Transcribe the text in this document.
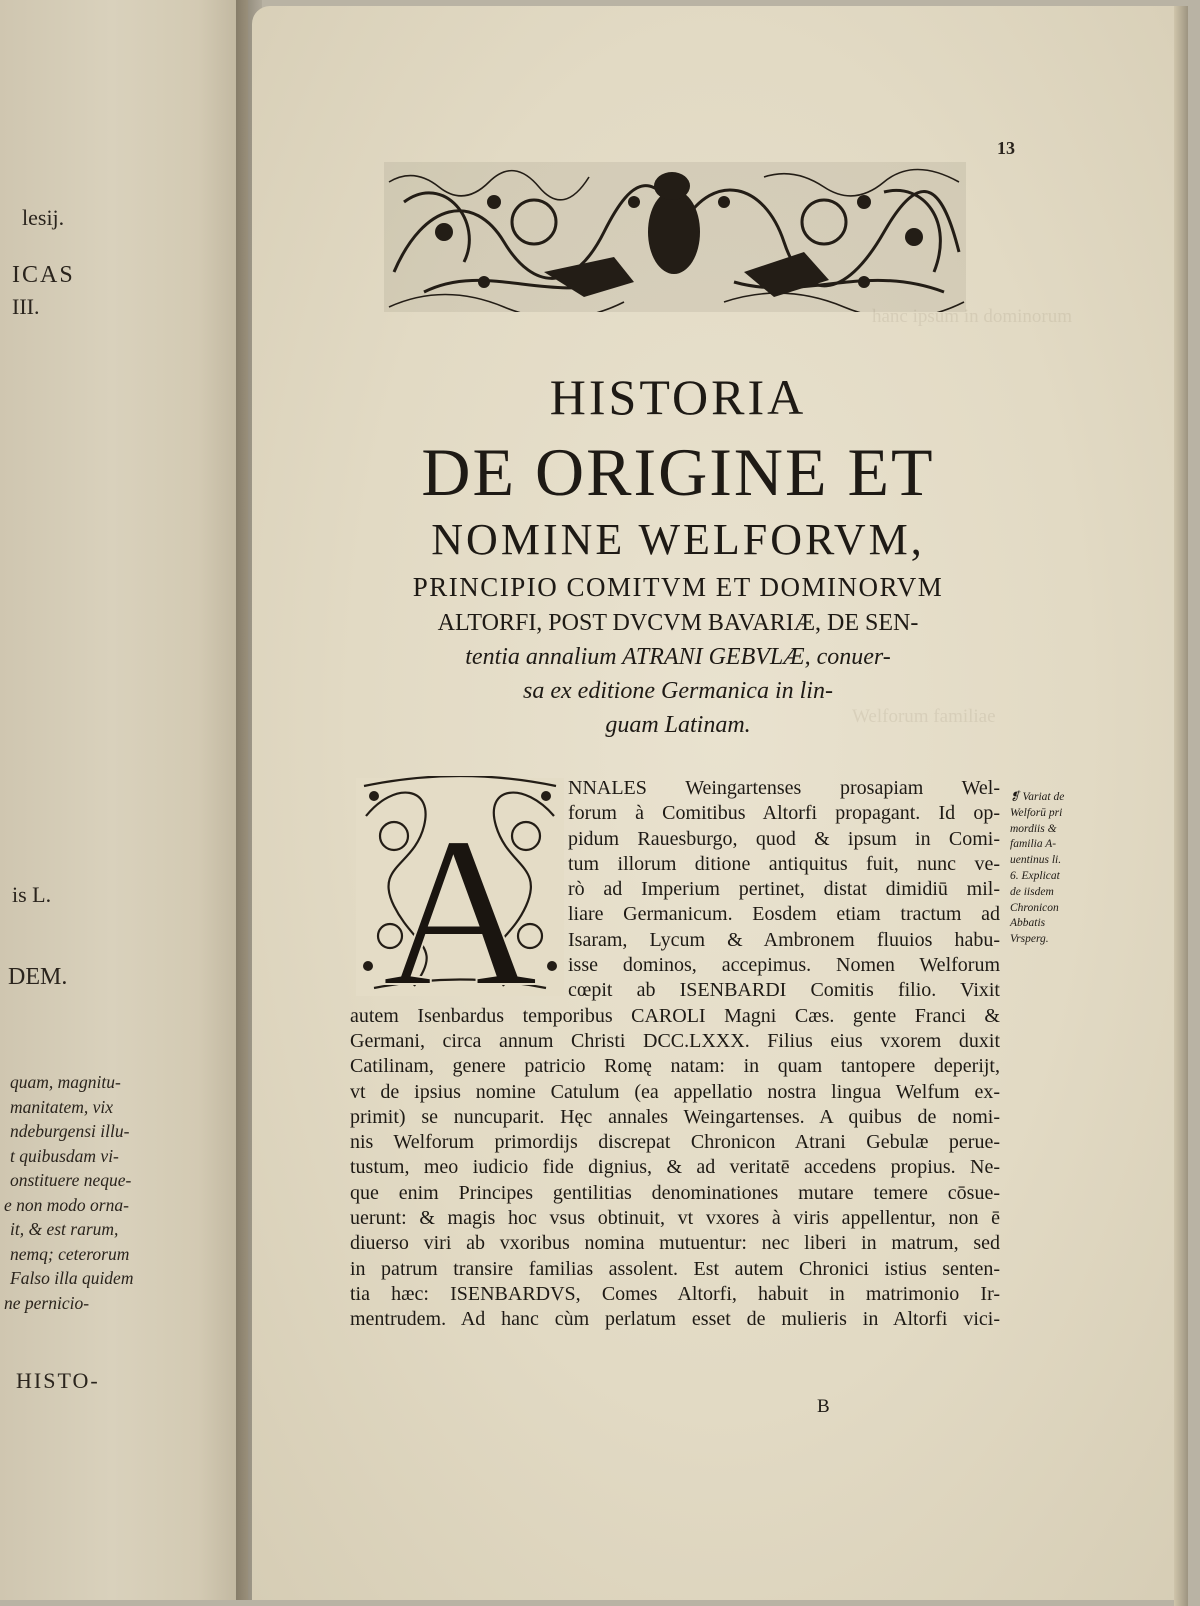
lesij.
ICAS
III.
is L.
DEM.
quam, magnitu-
manitatem, vix
ndeburgensi illu-
t quibusdam vi-
onstituere neque-
e non modo orna-
it, & est rarum,
nemq; ceterorum
Falso illa quidem
ne pernicio-
HISTO-
hanc ipsum in dominorum
Welforum familiae
13
HISTORIA
DE ORIGINE ET
NOMINE WELFORVM,
PRINCIPIO COMITVM ET DOMINORVM
ALTORFI, POST DVCVM BAVARIÆ, DE SEN-
tentia annalium ATRANI GEBVLÆ, conuer-
sa ex editione Germanica in lin-
guam Latinam.
A
NNALES Weingartenses prosapiam Wel-
forum à Comitibus Altorfi propagant. Id op-
pidum Rauesburgo, quod & ipsum in Comi-
tum illorum ditione antiquitus fuit, nunc ve-
rò ad Imperium pertinet, distat dimidiū mil-
liare Germanicum. Eosdem etiam tractum ad
Isaram, Lycum & Ambronem fluuios habu-
isse dominos, accepimus. Nomen Welforum
cœpit ab ISENBARDI Comitis filio. Vixit
autem Isenbardus temporibus CAROLI Magni Cæs. gente Franci &
Germani, circa annum Christi DCC.LXXX. Filius eius vxorem duxit
Catilinam, genere patricio Romę natam: in quam tantopere deperijt,
vt de ipsius nomine Catulum (ea appellatio nostra lingua Welfum ex-
primit) se nuncuparit. Hęc annales Weingartenses. A quibus de nomi-
nis Welforum primordijs discrepat Chronicon Atrani Gebulæ perue-
tustum, meo iudicio fide dignius, & ad veritatē accedens propius. Ne-
que enim Principes gentilitias denominationes mutare temere cōsue-
uerunt: & magis hoc vsus obtinuit, vt vxores à viris appellentur, non ē
diuerso viri ab vxoribus nomina mutuentur: nec liberi in matrum, sed
in patrum transire familias assolent. Est autem Chronici istius senten-
tia hæc: ISENBARDVS, Comes Altorfi, habuit in matrimonio Ir-
mentrudem. Ad hanc cùm perlatum esset de mulieris in Altorfi vici-
❡ Variat de
Welforū pri
mordiis &
familia A-
uentinus li.
6. Explicat
de iisdem
Chronicon
Abbatis
Vrsperg.
B
